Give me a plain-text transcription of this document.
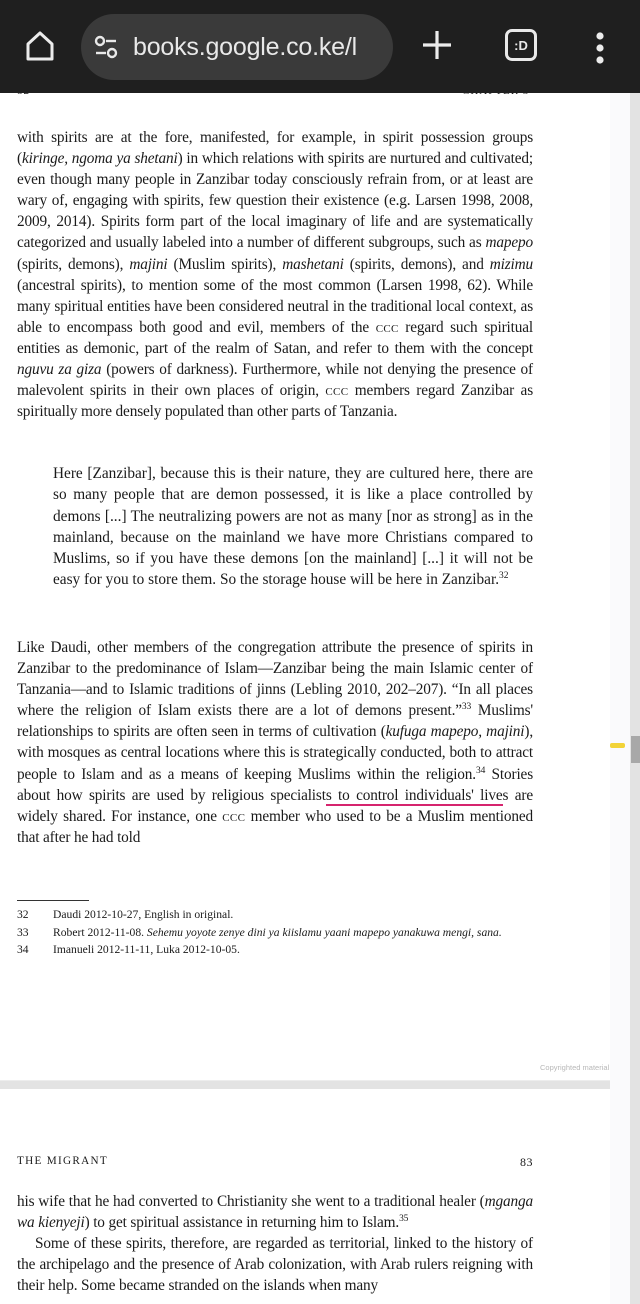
books.google.co.ke/l	:D
with spirits are at the fore, manifested, for example, in spirit possession groups (kiringe, ngoma ya shetani) in which relations with spirits are nurtured and cultivated; even though many people in Zanzibar today consciously refrain from, or at least are wary of, engaging with spirits, few question their existence (e.g. Larsen 1998, 2008, 2009, 2014). Spirits form part of the local imaginary of life and are systematically categorized and usually labeled into a number of different subgroups, such as mapepo (spirits, demons), majini (Muslim spirits), mashetani (spirits, demons), and mizimu (ancestral spirits), to mention some of the most common (Larsen 1998, 62). While many spiritual entities have been considered neutral in the traditional local context, as able to encompass both good and evil, members of the ccc regard such spiritual entities as demonic, part of the realm of Satan, and refer to them with the concept nguvu za giza (powers of darkness). Furthermore, while not denying the presence of malevolent spirits in their own places of origin, ccc members regard Zanzibar as spiritually more densely populated than other parts of Tanzania.
Here [Zanzibar], because this is their nature, they are cultured here, there are so many people that are demon possessed, it is like a place controlled by demons [...] The neutralizing powers are not as many [nor as strong] as in the mainland, because on the mainland we have more Christians compared to Muslims, so if you have these demons [on the mainland] [...] it will not be easy for you to store them. So the storage house will be here in Zanzibar.$^{32}$
Like Daudi, other members of the congregation attribute the presence of spirits in Zanzibar to the predominance of Islam—Zanzibar being the main Islamic center of Tanzania—and to Islamic traditions of jinns (Lebling 2010, 202–207). “In all places where the religion of Islam exists there are a lot of demons present.”$^{33}$ Muslims' relationships to spirits are often seen in terms of cultivation (kufuga mapepo, majini), with mosques as central locations where this is strategically conducted, both to attract people to Islam and as a means of keeping Muslims within the religion.$^{34}$ Stories about how spirits are used by religious specialists to control individuals' lives are widely shared. For instance, one ccc member who used to be a Muslim mentioned that after he had told
32	Daudi 2012-10-27, English in original.
33	Robert 2012-11-08. Sehemu yoyote zenye dini ya kiislamu yaani mapepo yanakuwa mengi, sana.
34	Imanueli 2012-11-11, Luka 2012-10-05.
Copyrighted material
THE MIGRANT	83
his wife that he had converted to Christianity she went to a traditional healer (mganga wa kienyeji) to get spiritual assistance in returning him to Islam.$^{35}$
Some of these spirits, therefore, are regarded as territorial, linked to the history of the archipelago and the presence of Arab colonization, with Arab rulers reigning with their help. Some became stranded on the islands when many
